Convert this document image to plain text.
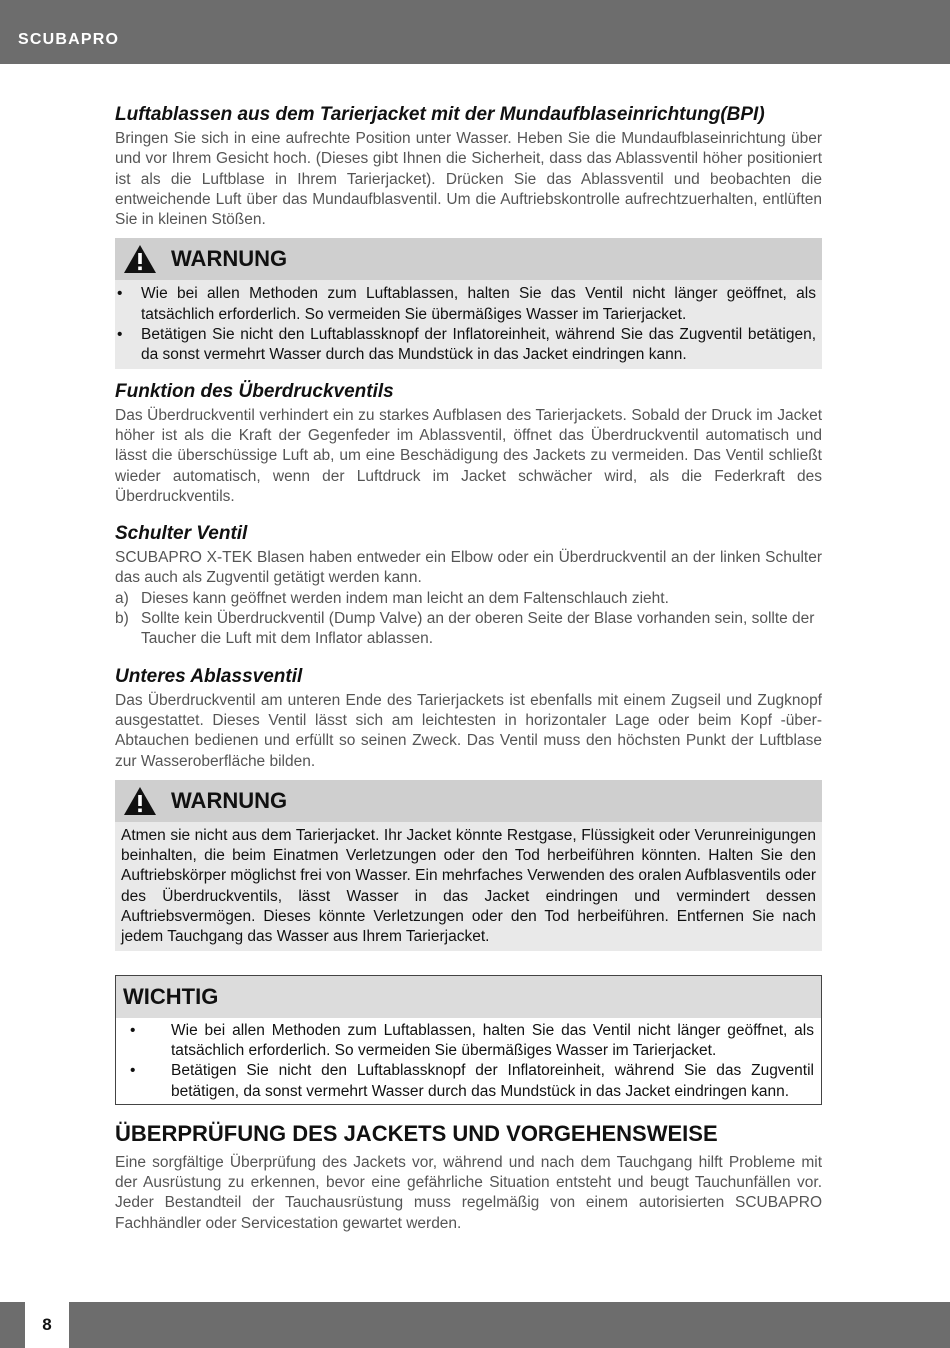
SCUBAPRO
Luftablassen aus dem Tarierjacket mit der Mundaufblaseinrichtung(BPI)

Bringen Sie sich in eine aufrechte Position unter Wasser. Heben Sie die Mundaufblaseinrichtung über und vor Ihrem Gesicht hoch. (Dieses gibt Ihnen die Sicherheit, dass das Ablassventil höher positioniert ist als die Luftblase in Ihrem Tarierjacket). Drücken Sie das Ablassventil und beobachten die entweichende Luft über das Mundaufblasventil. Um die Auftriebskontrolle aufrechtzuerhalten, entlüften Sie in kleinen Stößen.

WARNUNG
• Wie bei allen Methoden zum Luftablassen, halten Sie das Ventil nicht länger geöffnet, als tatsächlich erforderlich. So vermeiden Sie übermäßiges Wasser im Tarierjacket.
• Betätigen Sie nicht den Luftablassknopf der Inflatoreinheit, während Sie das Zugventil betätigen, da sonst vermehrt Wasser durch das Mundstück in das Jacket eindringen kann.
Funktion des Überdruckventils

Das Überdruckventil verhindert ein zu starkes Aufblasen des Tarierjackets. Sobald der Druck im Jacket höher ist als die Kraft der Gegenfeder im Ablassventil, öffnet das Überdruckventil automatisch und lässt die überschüssige Luft ab, um eine Beschädigung des Jackets zu vermeiden. Das Ventil schließt wieder automatisch, wenn der Luftdruck im Jacket schwächer wird, als die Federkraft des Überdruckventils.

Schulter Ventil

SCUBAPRO X-TEK Blasen haben entweder ein Elbow oder ein Überdruckventil an der linken Schulter das auch als Zugventil getätigt werden kann.

a) Dieses kann geöffnet werden indem man leicht an dem Faltenschlauch zieht.
b) Sollte kein Überdruckventil (Dump Valve) an der oberen Seite der Blase vorhanden sein, sollte der Taucher die Luft mit dem Inflator ablassen.
Unteres Ablassventil

Das Überdruckventil am unteren Ende des Tarierjackets ist ebenfalls mit einem Zugseil und Zugknopf ausgestattet. Dieses Ventil lässt sich am leichtesten in horizontaler Lage oder beim Kopf -über-Abtauchen bedienen und erfüllt so seinen Zweck. Das Ventil muss den höchsten Punkt der Luftblase zur Wasseroberfläche bilden.

WARNUNG
Atmen sie nicht aus dem Tarierjacket. Ihr Jacket könnte Restgase, Flüssigkeit oder Verunreinigungen beinhalten, die beim Einatmen Verletzungen oder den Tod herbeiführen könnten. Halten Sie den Auftriebskörper möglichst frei von Wasser. Ein mehrfaches Verwenden des oralen Aufblasventils oder des Überdruckventils, lässt Wasser in das Jacket eindringen und vermindert dessen Auftriebsvermögen. Dieses könnte Verletzungen oder den Tod herbeiführen. Entfernen Sie nach jedem Tauchgang das Wasser aus Ihrem Tarierjacket.
WICHTIG
• Wie bei allen Methoden zum Luftablassen, halten Sie das Ventil nicht länger geöffnet, als tatsächlich erforderlich. So vermeiden Sie übermäßiges Wasser im Tarierjacket.
• Betätigen Sie nicht den Luftablassknopf der Inflatoreinheit, während Sie das Zugventil betätigen, da sonst vermehrt Wasser durch das Mundstück in das Jacket eindringen kann.
ÜBERPRÜFUNG DES JACKETS UND VORGEHENSWEISE

Eine sorgfältige Überprüfung des Jackets vor, während und nach dem Tauchgang hilft Probleme mit der Ausrüstung zu erkennen, bevor eine gefährliche Situation entsteht und beugt Tauchunfällen vor. Jeder Bestandteil der Tauchausrüstung muss regelmäßig von einem autorisierten SCUBAPRO Fachhändler oder Servicestation gewartet werden.

8
